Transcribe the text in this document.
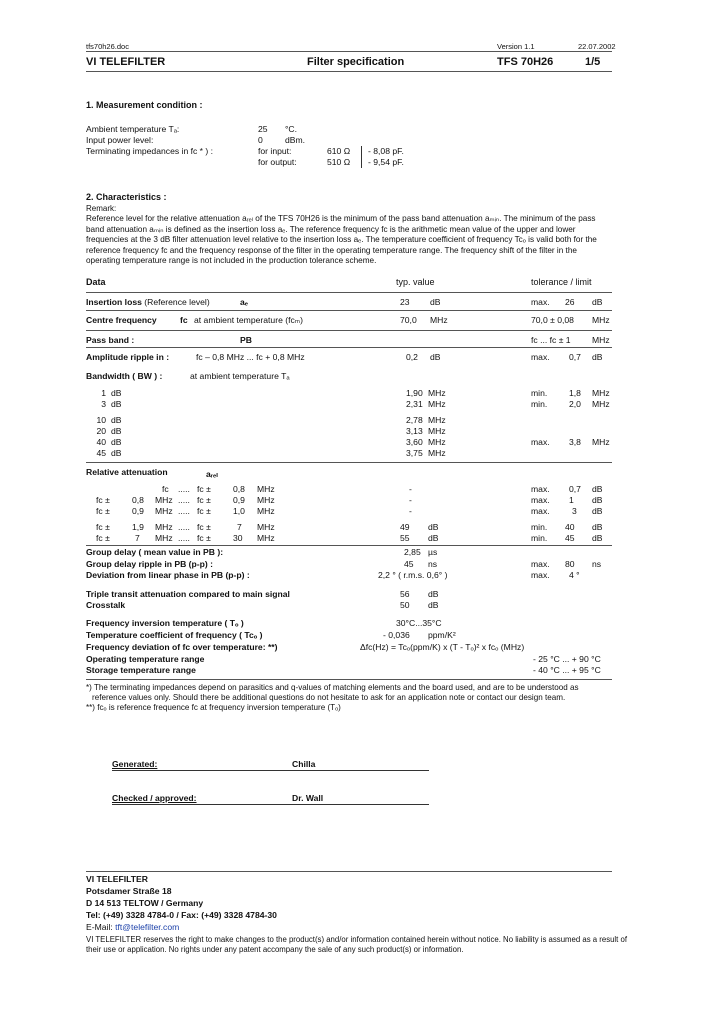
tfs70h26.doc	Version 1.1	22.07.2002
VI TELEFILTER	Filter specification	TFS 70H26	1/5
1. Measurement condition :
Ambient temperature Tₐ:	25 °C.
Input power level:	0	dBm.
Terminating impedances in fᴄ * ) :	for input:	610 Ω - 8,08 pF.
for output:	510 Ω - 9,54 pF.
2. Characteristics :
Remark:

Reference level for the relative attenuation aᵣₑₗ of the TFS 70H26 is the minimum of the pass band attenuation aₘᵢₙ. The minimum of the pass

band attenuation aₘᵢₙ is defined as the insertion loss aₑ. The reference frequency fᴄ is the arithmetic mean value of the upper and lower

frequencies at the 3 dB filter attenuation level relative to the insertion loss aₑ. The temperature coefficient of frequency Tcₒ is valid both for the

reference frequency fᴄ and the frequency response of the filter in the operating temperature range. The frequency shift of the filter in the

operating temperature range is not included in the production tolerance scheme.

Data	typ. value	tolerance / limit
Insertion loss (Reference level)	aₑ	23 dB	max. 26 dB
Centre frequency	fᴄ at ambient temperature (fᴄₘ)	70,0 MHz	70,0 ± 0,08 MHz
Pass band :	PB	fᴄ ... fᴄ ± 1 MHz
Amplitude ripple in :	fᴄ – 0,8 MHz ... fᴄ + 0,8 MHz	0,2 dB	max. 0,7 dB
Bandwidth ( BW ) :	at ambient temperature Tₐ
1 dB	1,90 MHz	min.	1,8 MHz
3 dB	2,31 MHz	min.	2,0 MHz
10 dB	2,78 MHz
20 dB	3,13 MHz
40 dB	3,60 MHz	max. 3,8 MHz
45 dB	3,75 MHz
Relative attenuation	aᵣₑₗ
fᴄ ..... fᴄ ±	0,8 MHz	-	max. 0,7 dB
fᴄ ±	0,8 MHz ..... fᴄ ±	0,9 MHz	-	max. 1 dB
fᴄ ±	0,9 MHz ..... fᴄ ±	1,0 MHz	-	max.	3 dB
fᴄ ±	1,9 MHz ..... fᴄ ±	7 MHz	49 dB	min. 40 dB
fᴄ ±	7 MHz ..... fᴄ ±	30 MHz	55 dB	min. 45 dB
Group delay ( mean value in PB ):	2,85 µs
Group delay ripple in PB (p-p) :	45 ns	max. 80 ns
Deviation from linear phase in PB (p-p) :	2,2 ° ( r.m.s. 0,6° )	max. 4 °
Triple transit attenuation compared to main signal	56 dB
Crosstalk	50 dB
Frequency inversion temperature ( Tₒ )	30°C...35°C
Temperature coefficient of frequency ( Tcₒ )	- 0,036 ppm/K²
Frequency deviation of fᴄ over temperature: **)	Δfᴄ(Hz) = Tcₒ(ppm/K) x (T - Tₒ)² x fᴄₒ (MHz)
Operating temperature range	- 25 °C ... + 90 °C
Storage temperature range	- 40 °C ... + 95 °C
*) The terminating impedances depend on parasitics and q-values of matching elements and the board used, and are to be understood as
reference values only. Should there be additional questions do not hesitate to ask for an application note or contact our design team.
**) fᴄₒ is reference frequence fᴄ at frequency inversion temperature (Tₒ)
Generated:	Chilla
Checked / approved:	Dr. Wall
VI TELEFILTER
Potsdamer Straße 18
D 14 513 TELTOW / Germany
Tel: (+49) 3328 4784-0 / Fax: (+49) 3328 4784-30
E-Mail: tft@telefilter.com
VI TELEFILTER reserves the right to make changes to the product(s) and/or information contained herein without notice. No liability is assumed as a result of
their use or application. No rights under any patent accompany the sale of any such product(s) or information.
